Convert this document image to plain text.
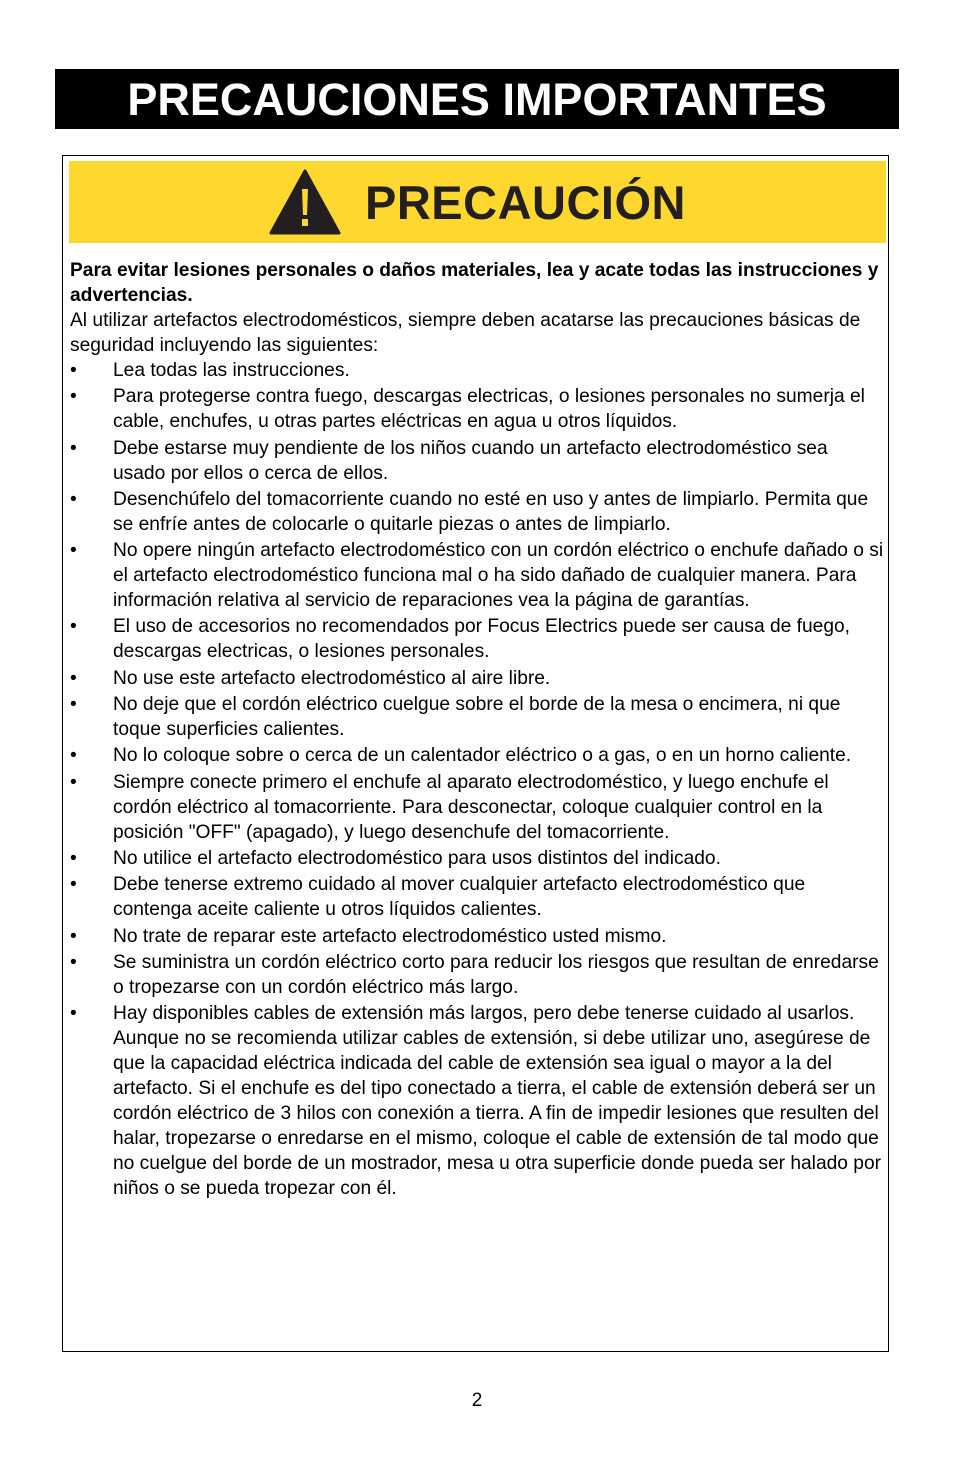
PRECAUCIONES IMPORTANTES
PRECAUCIÓN

Para evitar lesiones personales o daños materiales, lea y acate todas las instrucciones y advertencias.

Al utilizar artefactos electrodomésticos, siempre deben acatarse las precauciones básicas de seguridad incluyendo las siguientes:

• Lea todas las instrucciones.
• Para protegerse contra fuego, descargas electricas, o lesiones personales no sumerja el cable, enchufes, u otras partes eléctricas en agua u otros líquidos.
• Debe estarse muy pendiente de los niños cuando un artefacto electrodoméstico sea usado por ellos o cerca de ellos.
• Desenchúfelo del tomacorriente cuando no esté en uso y antes de limpiarlo. Permita que se enfríe antes de colocarle o quitarle piezas o antes de limpiarlo.
• No opere ningún artefacto electrodoméstico con un cordón eléctrico o enchufe dañado o si el artefacto electrodoméstico funciona mal o ha sido dañado de cualquier manera. Para información relativa al servicio de reparaciones vea la página de garantías.
• El uso de accesorios no recomendados por Focus Electrics puede ser causa de fuego, descargas electricas, o lesiones personales.
• No use este artefacto electrodoméstico al aire libre.
• No deje que el cordón eléctrico cuelgue sobre el borde de la mesa o encimera, ni que toque superficies calientes.
• No lo coloque sobre o cerca de un calentador eléctrico o a gas, o en un horno caliente.
• Siempre conecte primero el enchufe al aparato electrodoméstico, y luego enchufe el cordón eléctrico al tomacorriente. Para desconectar, coloque cualquier control en la posición "OFF" (apagado), y luego desenchufe del tomacorriente.
• No utilice el artefacto electrodoméstico para usos distintos del indicado.
• Debe tenerse extremo cuidado al mover cualquier artefacto electrodoméstico que contenga aceite caliente u otros líquidos calientes.
• No trate de reparar este artefacto electrodoméstico usted mismo.
• Se suministra un cordón eléctrico corto para reducir los riesgos que resultan de enredarse o tropezarse con un cordón eléctrico más largo.
• Hay disponibles cables de extensión más largos, pero debe tenerse cuidado al usarlos. Aunque no se recomienda utilizar cables de extensión, si debe utilizar uno, asegúrese de que la capacidad eléctrica indicada del cable de extensión sea igual o mayor a la del artefacto. Si el enchufe es del tipo conectado a tierra, el cable de extensión deberá ser un cordón eléctrico de 3 hilos con conexión a tierra. A fin de impedir lesiones que resulten del halar, tropezarse o enredarse en el mismo, coloque el cable de extensión de tal modo que no cuelgue del borde de un mostrador, mesa u otra superficie donde pueda ser halado por niños o se pueda tropezar con él.
2
